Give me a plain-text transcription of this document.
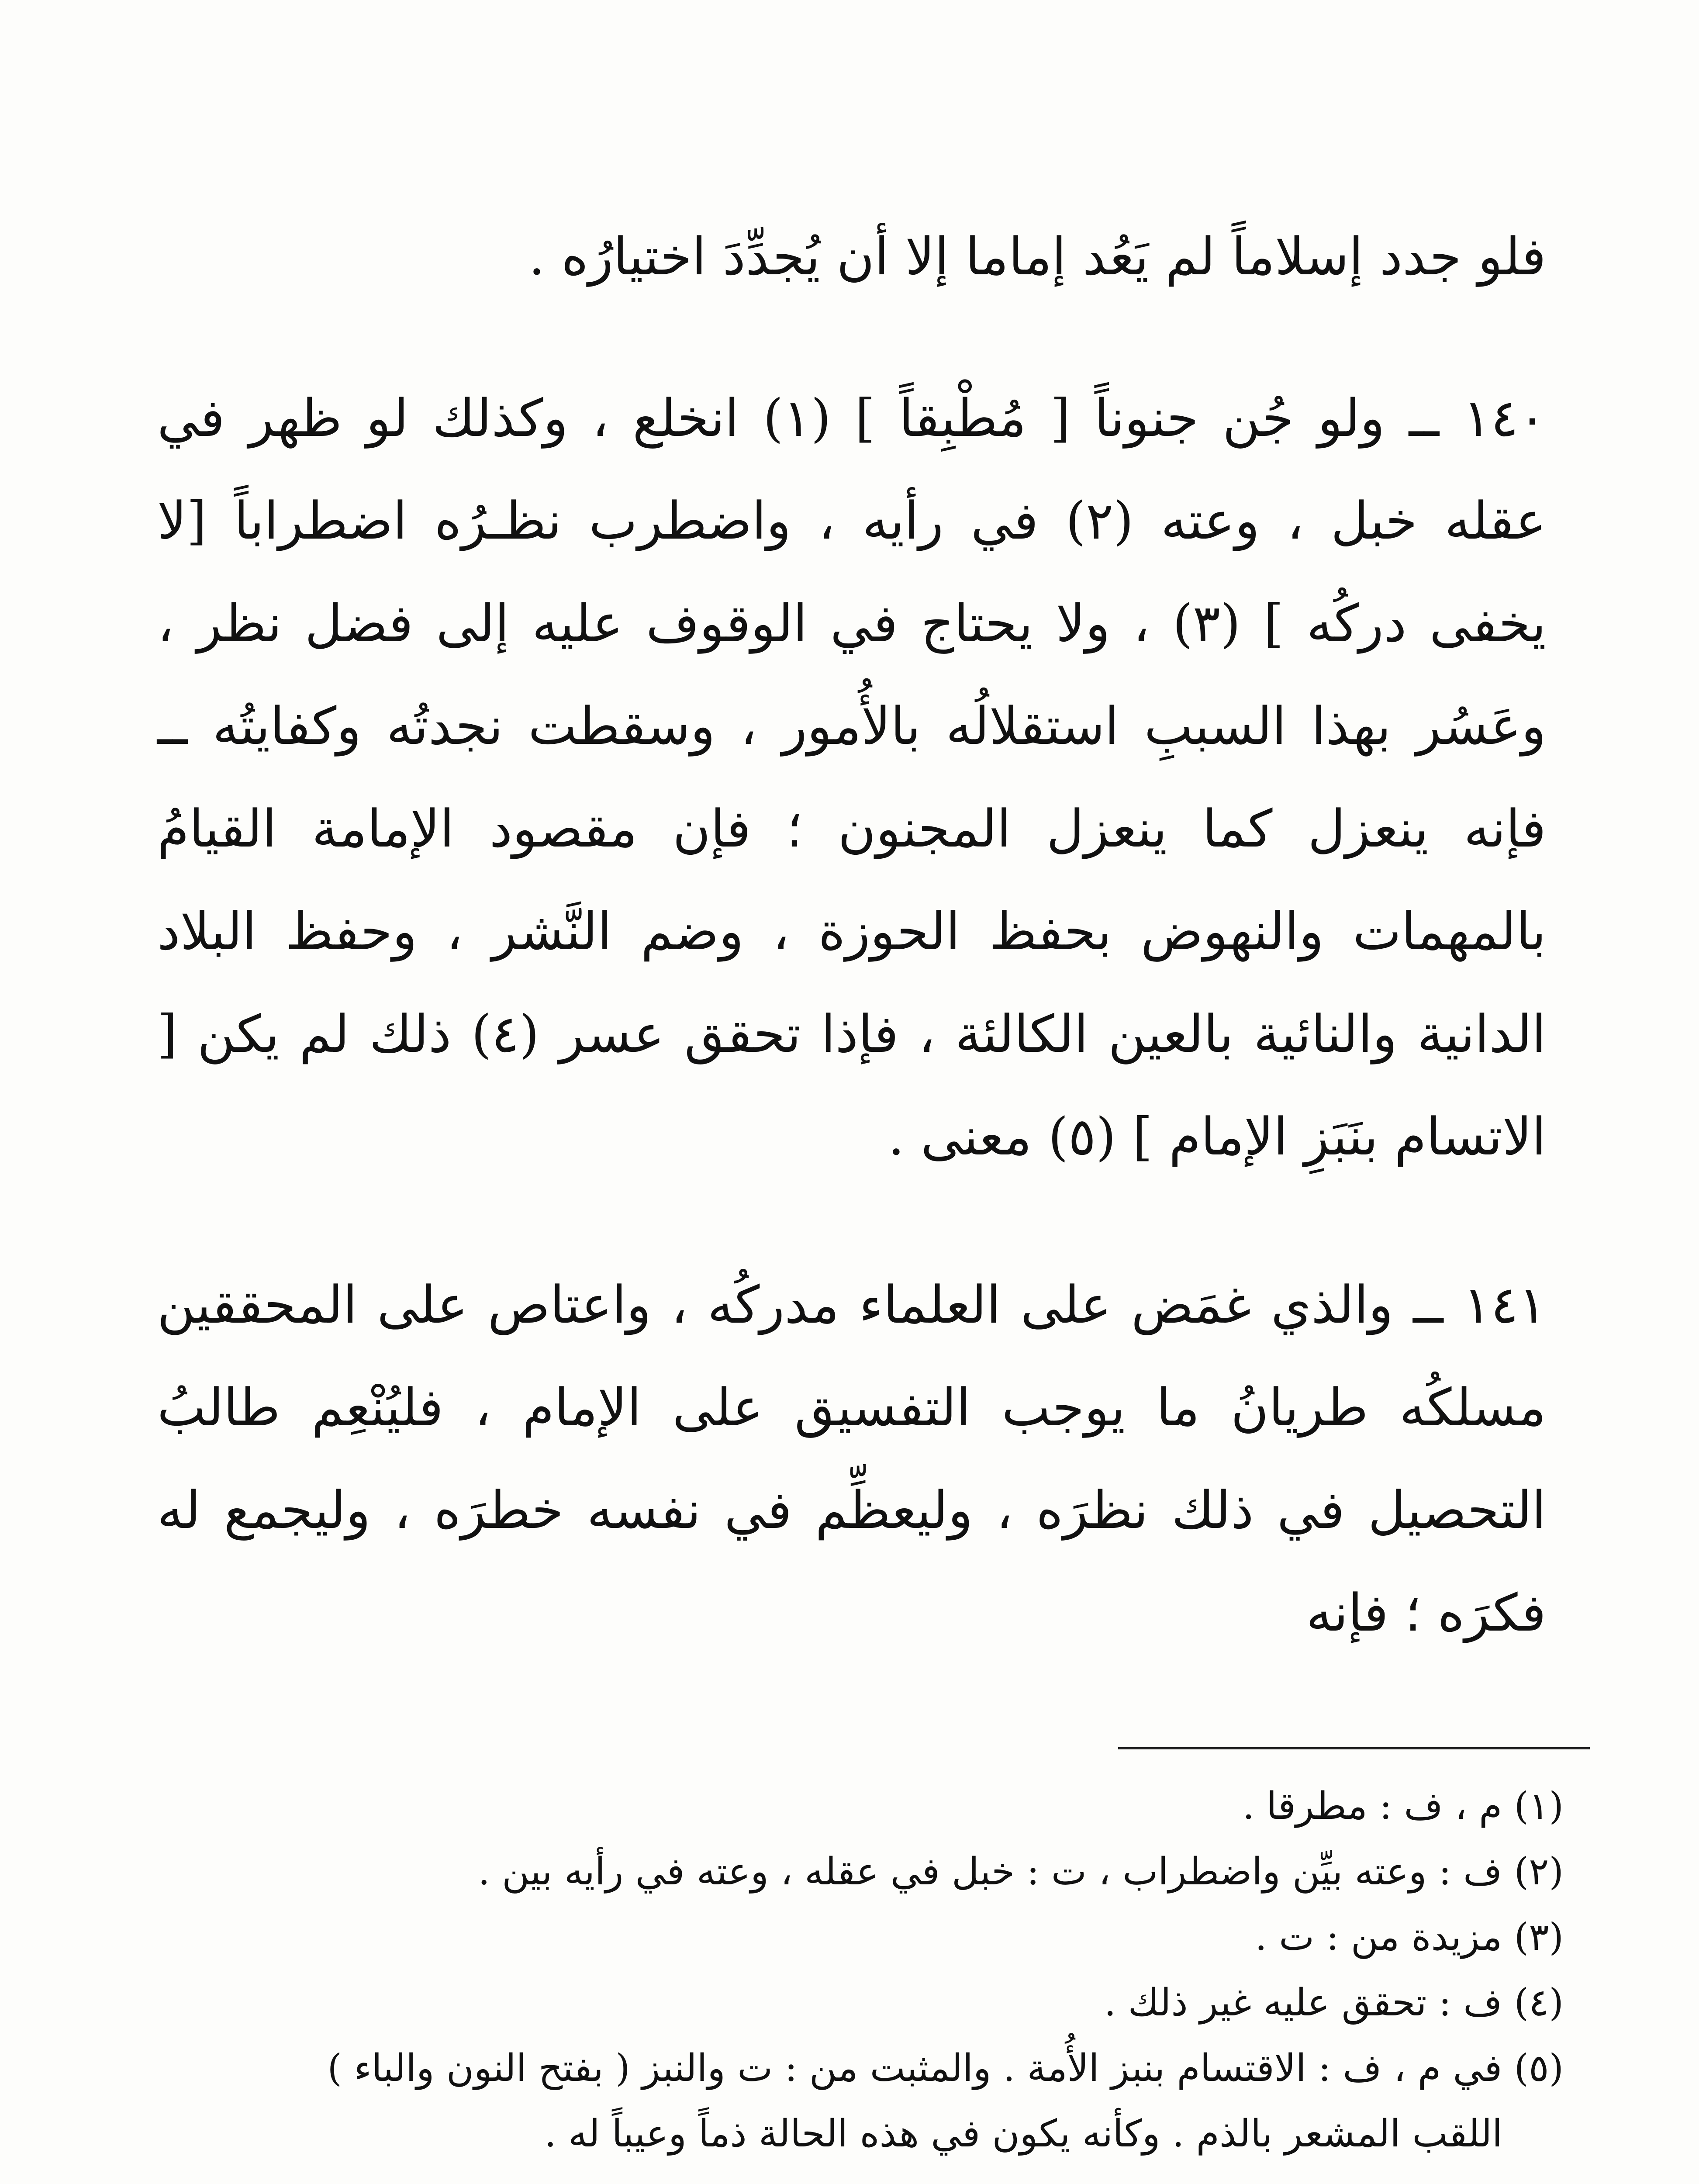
فلو جدد إسلاماً لم يَعُد إماما إلا أن يُجدِّدَ اختيارُه .

١٤٠ ــ ولو جُن جنوناً [ مُطْبِقاً ] (١) انخلع ، وكذلك لو ظهر في عقله خبل ، وعته (٢) في رأيه ، واضطرب نظـرُه اضطراباً [لا يخفى دركُه ] (٣) ، ولا يحتاج في الوقوف عليه إلى فضل نظر ، وعَسُر بهذا السببِ استقلالُه بالأُمور ، وسقطت نجدتُه وكفايتُه ــ فإنه ينعزل كما ينعزل المجنون ؛ فإن مقصود الإمامة القيامُ بالمهمات والنهوض بحفظ الحوزة ، وضم النَّشر ، وحفظ البلاد الدانية والنائية بالعين الكالئة ، فإذا تحقق عسر (٤) ذلك لم يكن [ الاتسام بنَبَزِ الإمام ] (٥) معنى .

١٤١ ــ والذي غمَض على العلماء مدركُه ، واعتاص على المحققين مسلكُه طريانُ ما يوجب التفسيق على الإمام ، فليُنْعِم طالبُ التحصيل في ذلك نظرَه ، وليعظِّم في نفسه خطرَه ، وليجمع له فكرَه ؛ فإنه

(١) م ، ف : مطرقا .
(٢) ف : وعته بيِّن واضطراب ، ت : خبل في عقله ، وعته في رأيه بين .
(٣) مزيدة من : ت .
(٤) ف : تحقق عليه غير ذلك .
(٥) في م ، ف : الاقتسام بنبز الأُمة . والمثبت من : ت والنبز ( بفتح النون والباء )
اللقب المشعر بالذم . وكأنه يكون في هذه الحالة ذماً وعيباً له .
